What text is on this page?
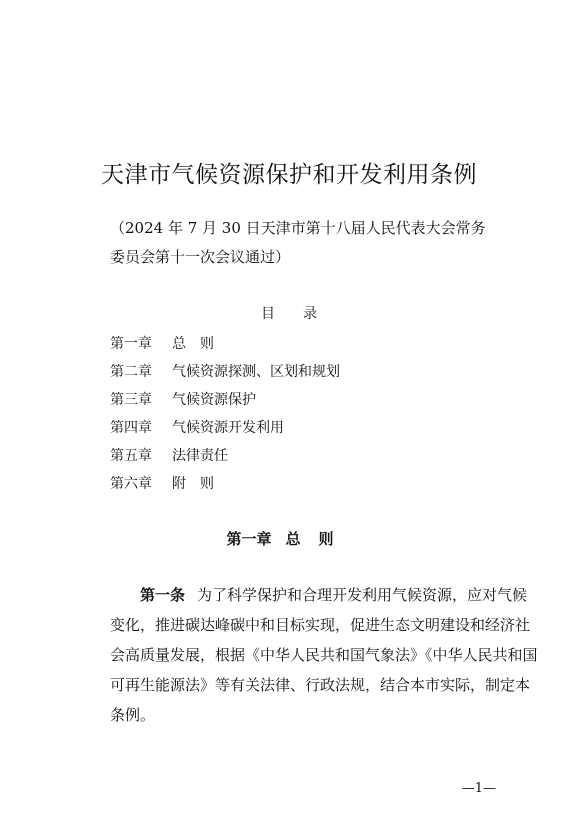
天津市气候资源保护和开发利用条例
（2024 年 7 月 30 日天津市第十八届人民代表大会常务
委员会第十一次会议通过）
目录
第一章 总则
第二章 气候资源探测、区划和规划
第三章 气候资源保护
第四章 气候资源开发利用
第五章 法律责任
第六章 附则
第一章 总则
第一条 为了科学保护和合理开发利用气候资源，应对气候
变化，推进碳达峰碳中和目标实现，促进生态文明建设和经济社
会高质量发展，根据《中华人民共和国气象法》《中华人民共和国
可再生能源法》等有关法律、行政法规，结合本市实际，制定本
条例。
—1—
